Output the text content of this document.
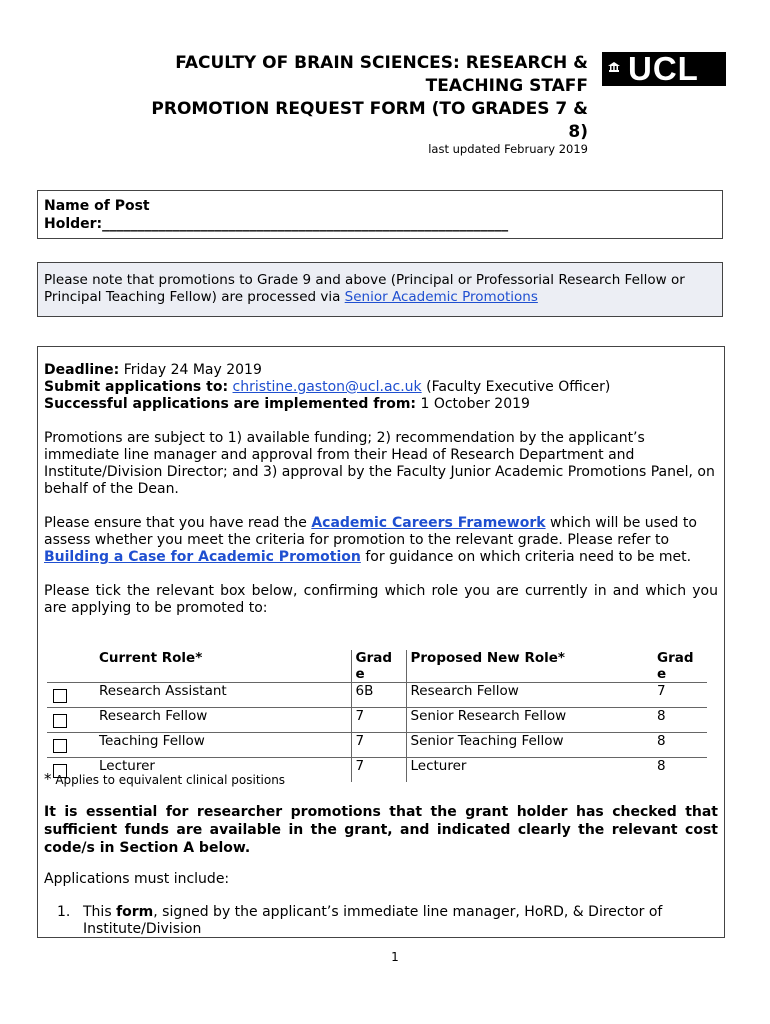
FACULTY OF BRAIN SCIENCES: RESEARCH &
TEACHING STAFF
PROMOTION REQUEST FORM (TO GRADES 7 &
8)
last updated February 2019
UCL
Name of Post
Holder:__________________________________________________________
Please note that promotions to Grade 9 and above (Principal or Professorial Research Fellow or Principal Teaching Fellow) are processed via Senior Academic Promotions

Deadline: Friday 24 May 2019

Submit applications to: christine.gaston@ucl.ac.uk (Faculty Executive Officer)

Successful applications are implemented from: 1 October 2019

Promotions are subject to 1) available funding; 2) recommendation by the applicant’s immediate line manager and approval from their Head of Research Department and Institute/Division Director; and 3) approval by the Faculty Junior Academic Promotions Panel, on behalf of the Dean.

Please ensure that you have read the Academic Careers Framework which will be used to assess whether you meet the criteria for promotion to the relevant grade. Please refer to Building a Case for Academic Promotion for guidance on which criteria need to be met.

Please tick the relevant box below, confirming which role you are currently in and which you are applying to be promoted to:

	Current Role*	Grad e	Proposed New Role*	Grad e
	Research Assistant	6B	Research Fellow	7
	Research Fellow	7	Senior Research Fellow	8
	Teaching Fellow	7	Senior Teaching Fellow	8
	Lecturer	7	Lecturer	8
* Applies to equivalent clinical positions
It is essential for researcher promotions that the grant holder has checked that sufficient funds are available in the grant, and indicated clearly the relevant cost code/s in Section A below.
Applications must include:
1. This form, signed by the applicant’s immediate line manager, HoRD, & Director of Institute/Division
1
